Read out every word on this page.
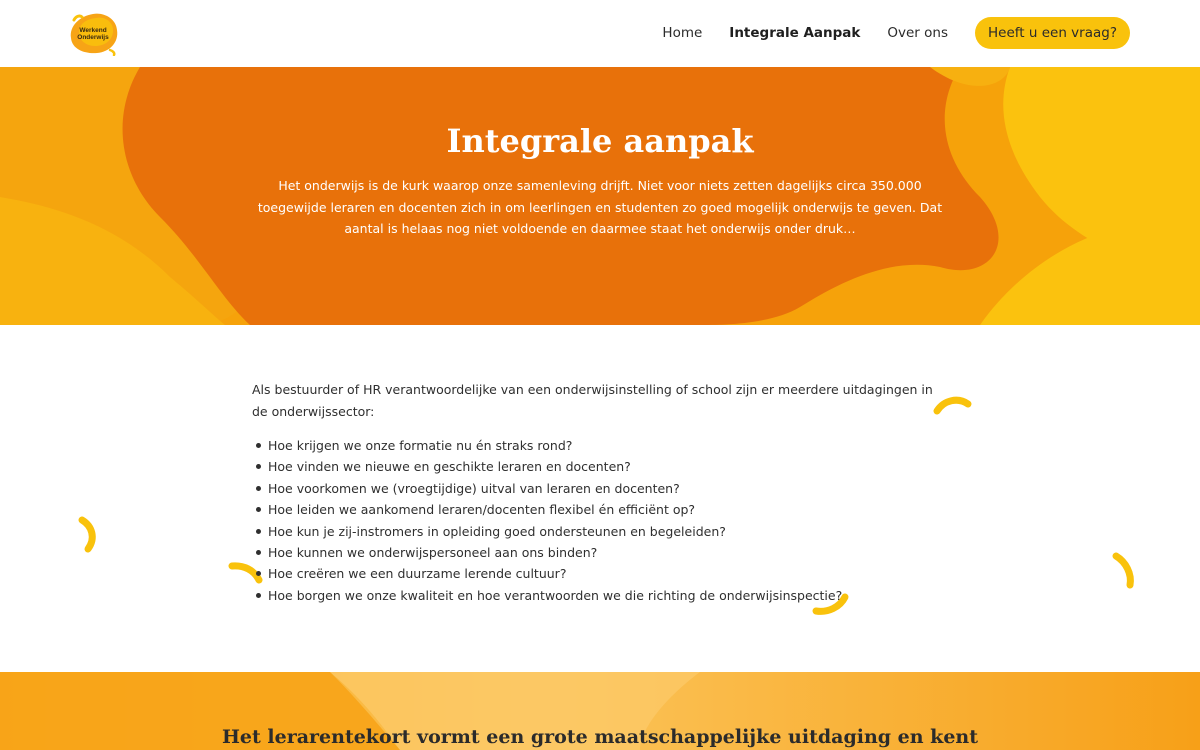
Werkend
Onderwijs	Home Integrale Aanpak Over ons	Heeft u een vraag?
Integrale aanpak

Het onderwijs is de kurk waarop onze samenleving drijft. Niet voor niets zetten dagelijks circa 350.000 toegewijde leraren en docenten zich in om leerlingen en studenten zo goed mogelijk onderwijs te geven. Dat aantal is helaas nog niet voldoende en daarmee staat het onderwijs onder druk…

Als bestuurder of HR verantwoordelijke van een onderwijsinstelling of school zijn er meerdere uitdagingen in de onderwijssector:

Hoe krijgen we onze formatie nu én straks rond?
Hoe vinden we nieuwe en geschikte leraren en docenten?
Hoe voorkomen we (vroegtijdige) uitval van leraren en docenten?
Hoe leiden we aankomend leraren/docenten flexibel én efficiënt op?
Hoe kun je zij-instromers in opleiding goed ondersteunen en begeleiden?
Hoe kunnen we onderwijspersoneel aan ons binden?
Hoe creëren we een duurzame lerende cultuur?
Hoe borgen we onze kwaliteit en hoe verantwoorden we die richting de onderwijsinspectie?
Het lerarentekort vormt een grote maatschappelijke uitdaging en kent
